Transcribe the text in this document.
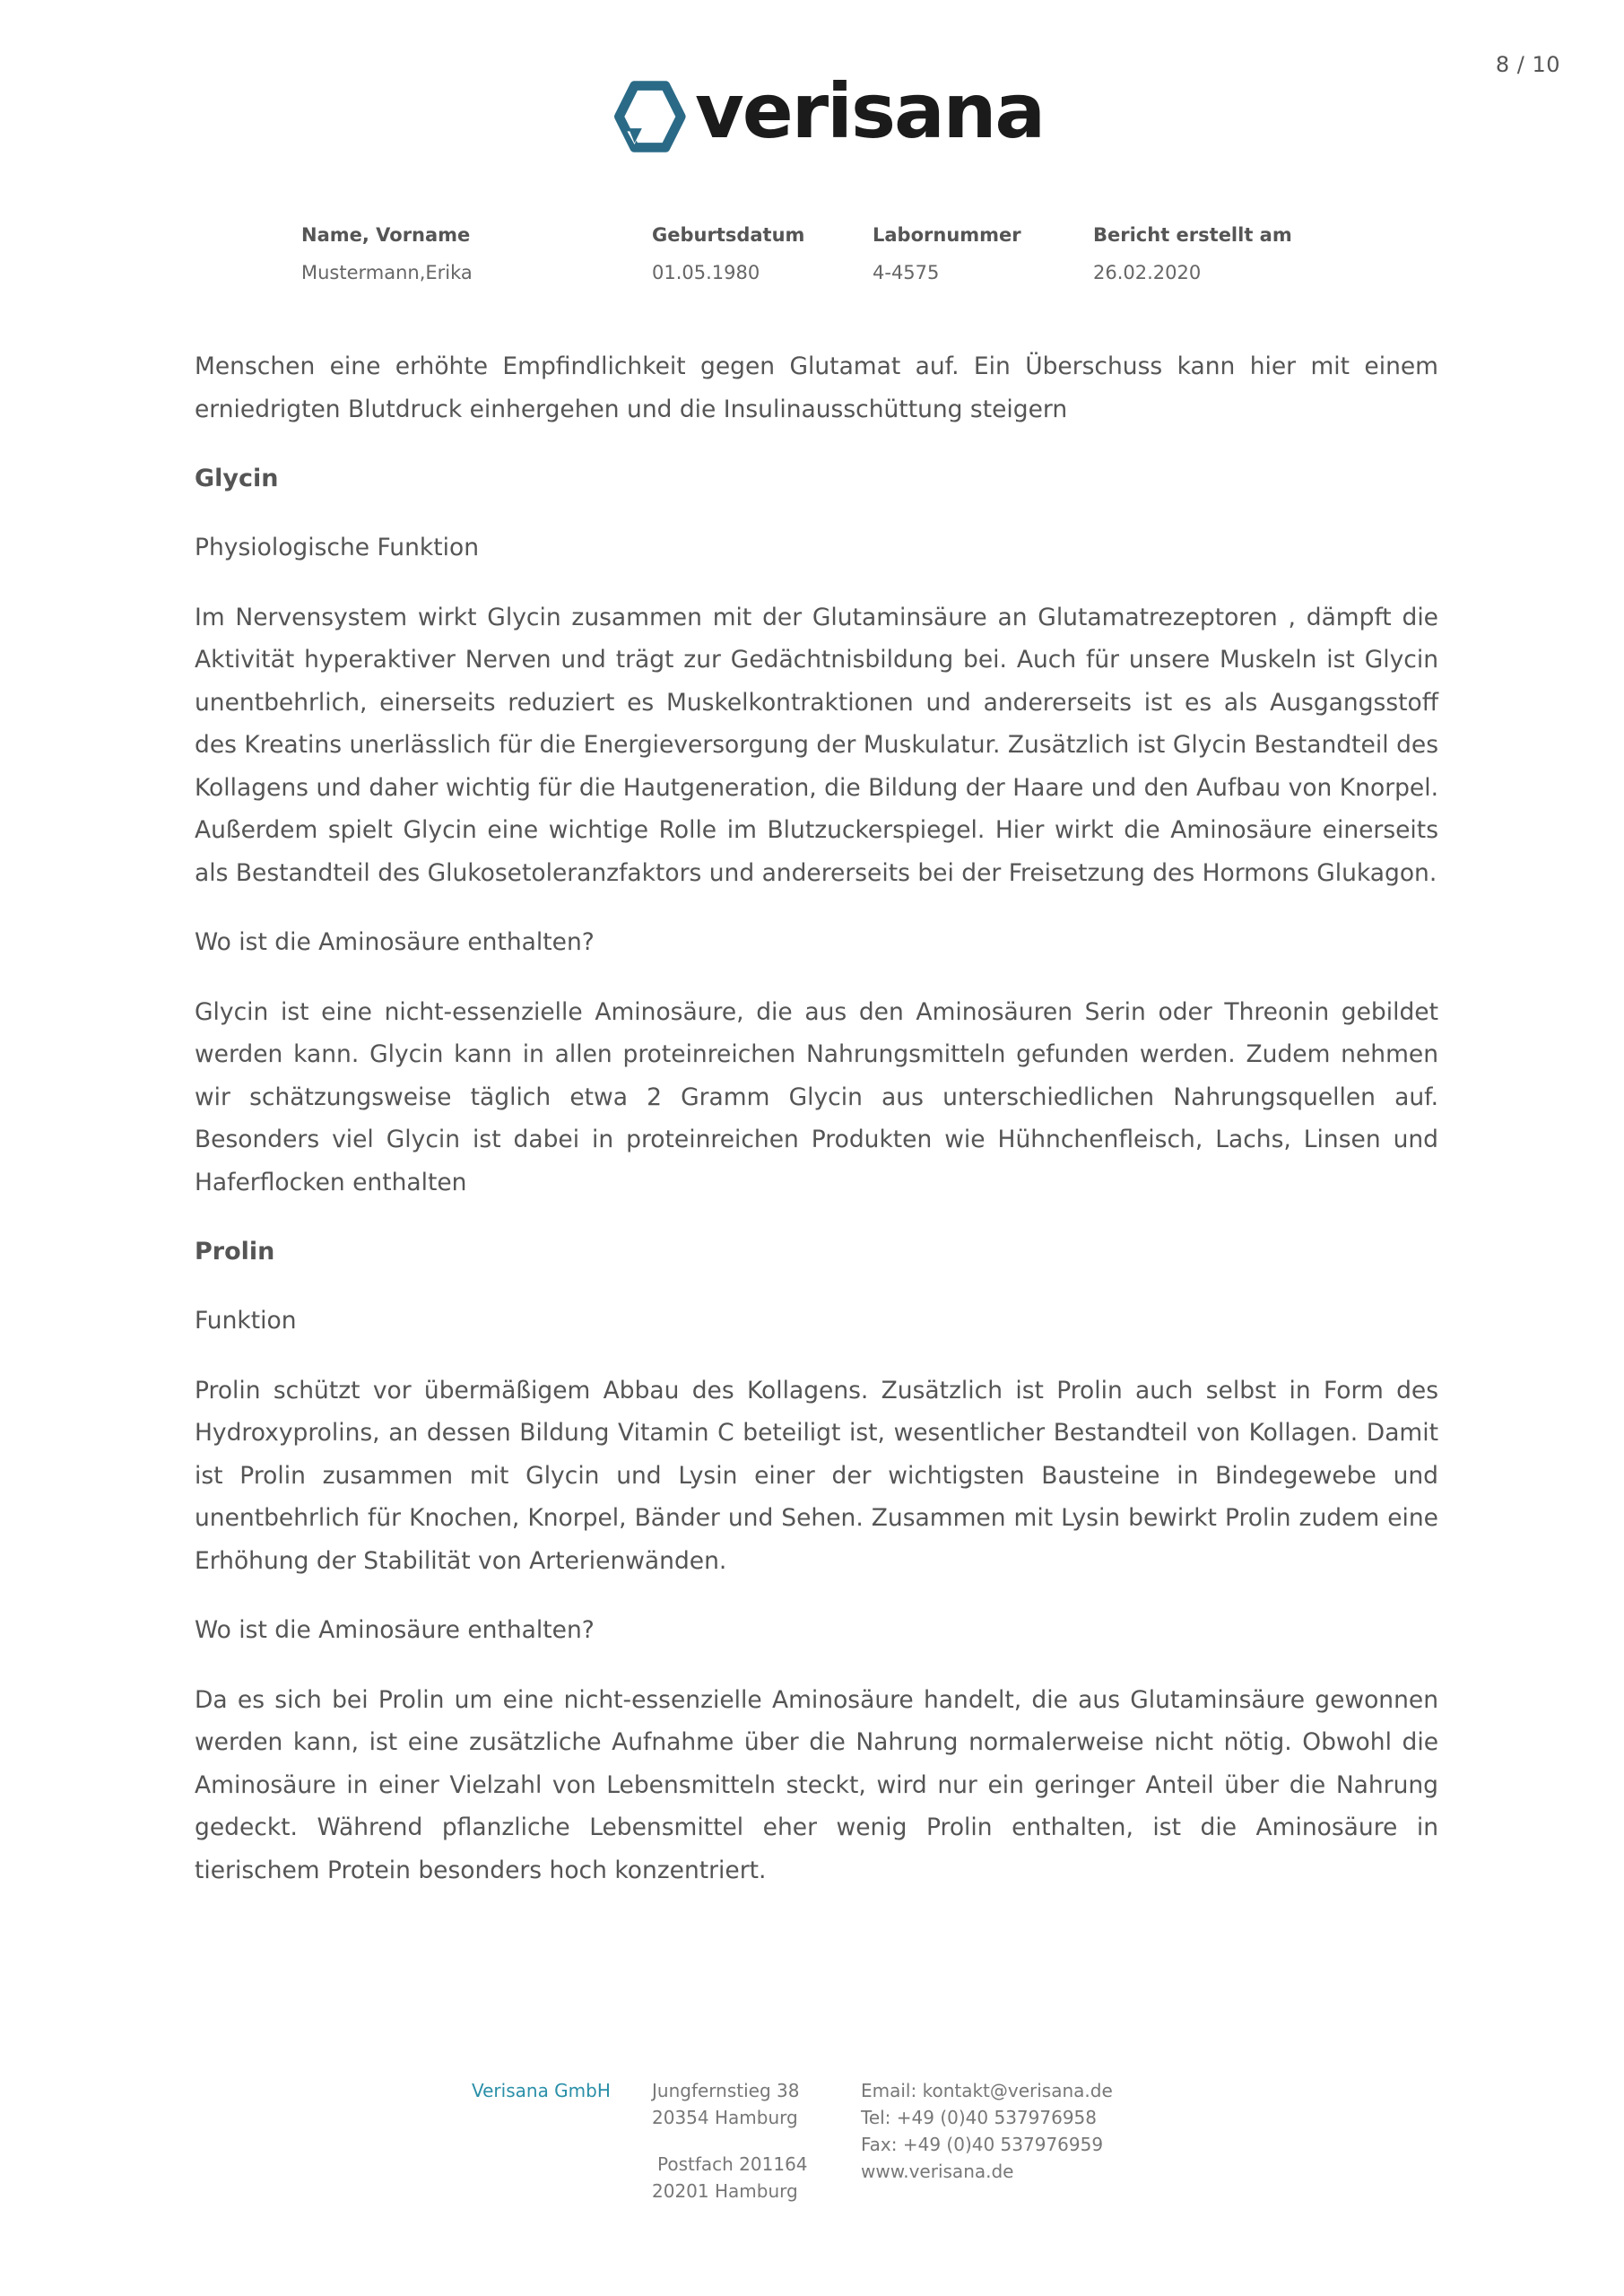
8 / 10
verisana
Name, Vorname
Mustermann,Erika
Geburtsdatum
01.05.1980
Labornummer
4-4575
Bericht erstellt am
26.02.2020

Menschen eine erhöhte Empfindlichkeit gegen Glutamat auf. Ein Überschuss kann hier mit einem erniedrigten Blutdruck einhergehen und die Insulinausschüttung steigern

Glycin
Physiologische Funktion

Im Nervensystem wirkt Glycin zusammen mit der Glutaminsäure an Glutamatrezeptoren , dämpft die Aktivität hyperaktiver Nerven und trägt zur Gedächtnisbildung bei. Auch für unsere Muskeln ist Glycin unentbehrlich, einerseits reduziert es Muskelkontraktionen und andererseits ist es als Ausgangsstoff des Kreatins unerlässlich für die Energieversorgung der Muskulatur. Zusätzlich ist Glycin Bestandteil des Kollagens und daher wichtig für die Hautgeneration, die Bildung der Haare und den Aufbau von Knorpel. Außerdem spielt Glycin eine wichtige Rolle im Blutzuckerspiegel. Hier wirkt die Aminosäure einerseits als Bestandteil des Glukosetoleranzfaktors und andererseits bei der Freisetzung des Hormons Glukagon.

Wo ist die Aminosäure enthalten?

Glycin ist eine nicht-essenzielle Aminosäure, die aus den Aminosäuren Serin oder Threonin gebildet werden kann. Glycin kann in allen proteinreichen Nahrungsmitteln gefunden werden. Zudem nehmen wir schätzungsweise täglich etwa 2 Gramm Glycin aus unterschiedlichen Nahrungsquellen auf. Besonders viel Glycin ist dabei in proteinreichen Produkten wie Hühnchenfleisch, Lachs, Linsen und Haferflocken enthalten

Prolin
Funktion

Prolin schützt vor übermäßigem Abbau des Kollagens. Zusätzlich ist Prolin auch selbst in Form des Hydroxyprolins, an dessen Bildung Vitamin C beteiligt ist, wesentlicher Bestandteil von Kollagen. Damit ist Prolin zusammen mit Glycin und Lysin einer der wichtigsten Bausteine in Bindegewebe und unentbehrlich für Knochen, Knorpel, Bänder und Sehen. Zusammen mit Lysin bewirkt Prolin zudem eine Erhöhung der Stabilität von Arterienwänden.

Wo ist die Aminosäure enthalten?

Da es sich bei Prolin um eine nicht-essenzielle Aminosäure handelt, die aus Glutaminsäure gewonnen werden kann, ist eine zusätzliche Aufnahme über die Nahrung normalerweise nicht nötig. Obwohl die Aminosäure in einer Vielzahl von Lebensmitteln steckt, wird nur ein geringer Anteil über die Nahrung gedeckt. Während pflanzliche Lebensmittel eher wenig Prolin enthalten, ist die Aminosäure in tierischem Protein besonders hoch konzentriert.

Verisana GmbH Jungfernstieg 38
20354 Hamburg
Postfach 201164
20201 Hamburg
Email: kontakt@verisana.de
Tel: +49 (0)40 537976958
Fax: +49 (0)40 537976959
www.verisana.de
